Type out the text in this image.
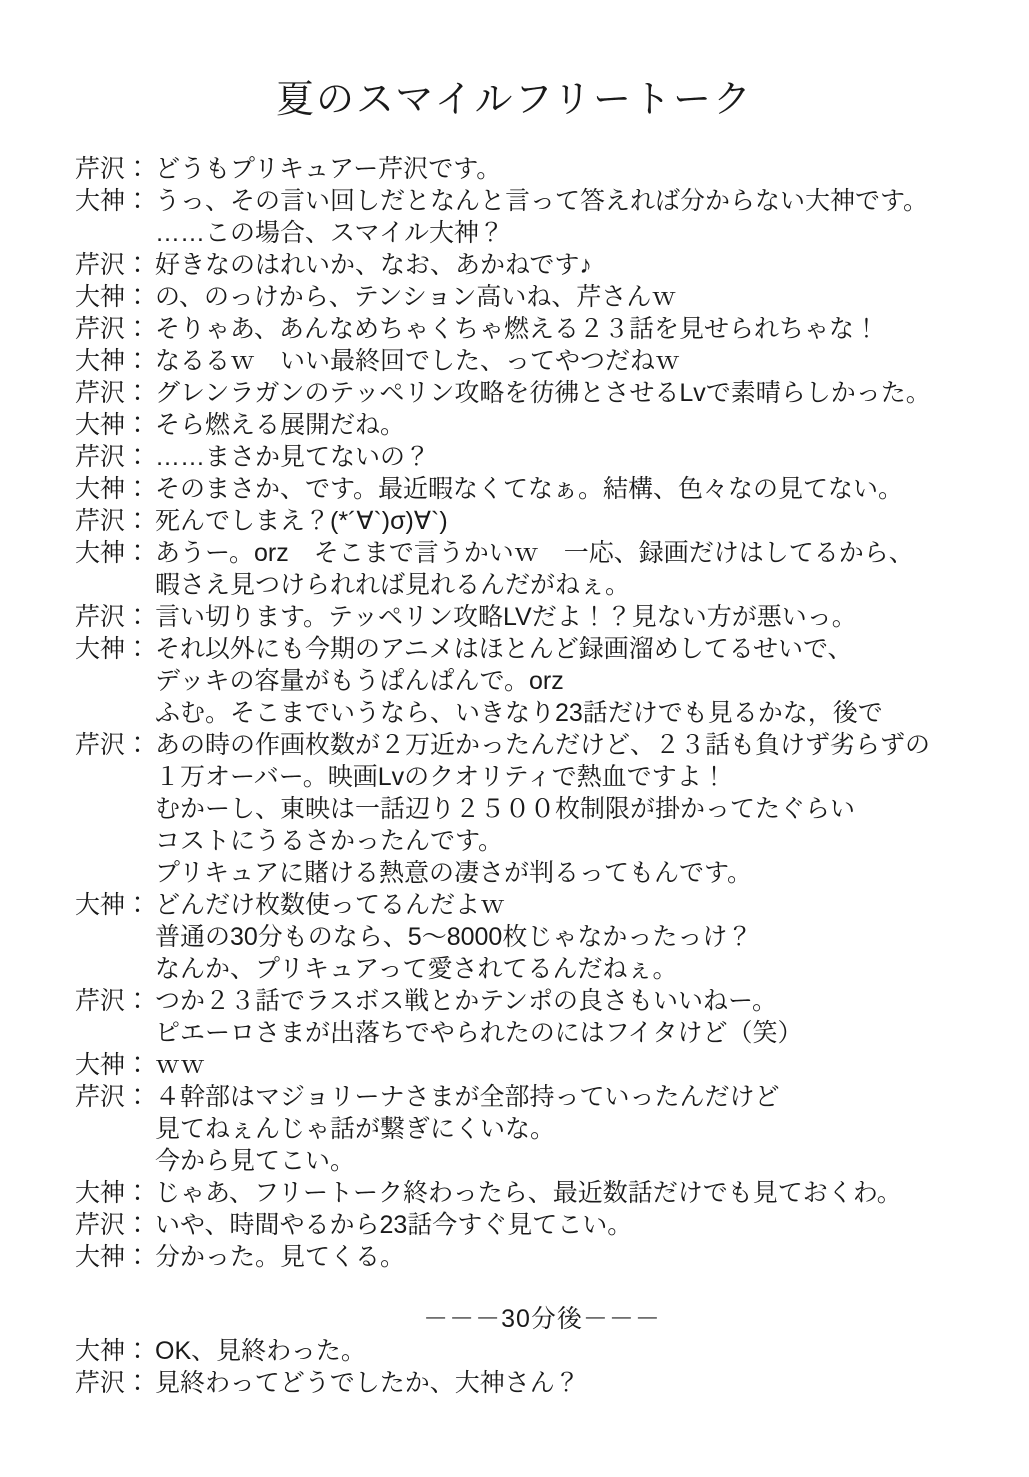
夏のスマイルフリートーク
芹沢： どうもプリキュアー芹沢です。
大神： うっ、その言い回しだとなんと言って答えれば分からない大神です。
……この場合、スマイル大神？
芹沢： 好きなのはれいか、なお、あかねです♪
大神： の、のっけから、テンション高いね、芹さんｗ
芹沢： そりゃあ、あんなめちゃくちゃ燃える２３話を見せられちゃな！
大神： なるるｗ　いい最終回でした、ってやつだねｗ
芹沢： グレンラガンのテッペリン攻略を彷彿とさせるLvで素晴らしかった。
大神： そら燃える展開だね。
芹沢： ……まさか見てないの？
大神： そのまさか、です。最近暇なくてなぁ。結構、色々なの見てない。
芹沢： 死んでしまえ？(*´∀`)σ)∀`)
大神： あうー。orz　そこまで言うかいｗ　一応、録画だけはしてるから、
暇さえ見つけられれば見れるんだがねぇ。
芹沢： 言い切ります。テッペリン攻略LVだよ！？見ない方が悪いっ。
大神： それ以外にも今期のアニメはほとんど録画溜めしてるせいで、
デッキの容量がもうぱんぱんで。orz
ふむ。そこまでいうなら、いきなり23話だけでも見るかな，後で
芹沢： あの時の作画枚数が２万近かったんだけど、２３話も負けず劣らずの
１万オーバー。映画Lvのクオリティで熱血ですよ！
むかーし、東映は一話辺り２５００枚制限が掛かってたぐらい
コストにうるさかったんです。
プリキュアに賭ける熱意の凄さが判るってもんです。
大神： どんだけ枚数使ってるんだよｗ
普通の30分ものなら、5〜8000枚じゃなかったっけ？
なんか、プリキュアって愛されてるんだねぇ。
芹沢： つか２３話でラスボス戦とかテンポの良さもいいねー。
ピエーロさまが出落ちでやられたのにはフイタけど（笑）
大神： ｗｗ
芹沢： ４幹部はマジョリーナさまが全部持っていったんだけど
見てねぇんじゃ話が繋ぎにくいな。
今から見てこい。
大神： じゃあ、フリートーク終わったら、最近数話だけでも見ておくわ。
芹沢： いや、時間やるから23話今すぐ見てこい。
大神： 分かった。見てくる。
－－－30分後－－－
大神： OK、見終わった。
芹沢： 見終わってどうでしたか、大神さん？
